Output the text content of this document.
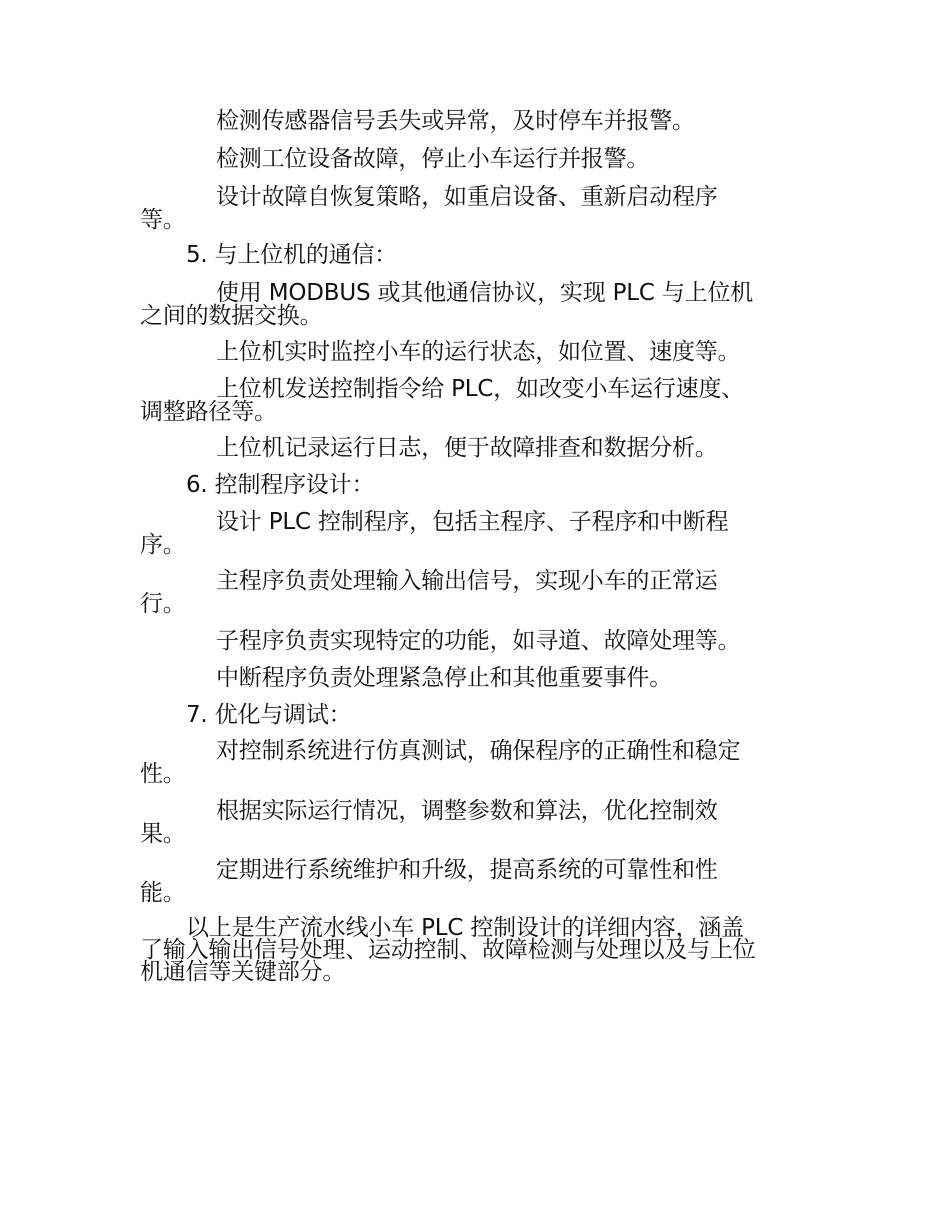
检测传感器信号丢失或异常，及时停车并报警。

检测工位设备故障，停止小车运行并报警。

设计故障自恢复策略，如重启设备、重新启动程序

等。

5. 与上位机的通信：

使用 MODBUS 或其他通信协议，实现 PLC 与上位机

之间的数据交换。

上位机实时监控小车的运行状态，如位置、速度等。

上位机发送控制指令给 PLC，如改变小车运行速度、

调整路径等。

上位机记录运行日志，便于故障排查和数据分析。

6. 控制程序设计：

设计 PLC 控制程序，包括主程序、子程序和中断程

序。

主程序负责处理输入输出信号，实现小车的正常运

行。

子程序负责实现特定的功能，如寻道、故障处理等。

中断程序负责处理紧急停止和其他重要事件。

7. 优化与调试：

对控制系统进行仿真测试，确保程序的正确性和稳定

性。

根据实际运行情况，调整参数和算法，优化控制效

果。

定期进行系统维护和升级，提高系统的可靠性和性

能。

以上是生产流水线小车 PLC 控制设计的详细内容，涵盖

了输入输出信号处理、运动控制、故障检测与处理以及与上位

机通信等关键部分。
